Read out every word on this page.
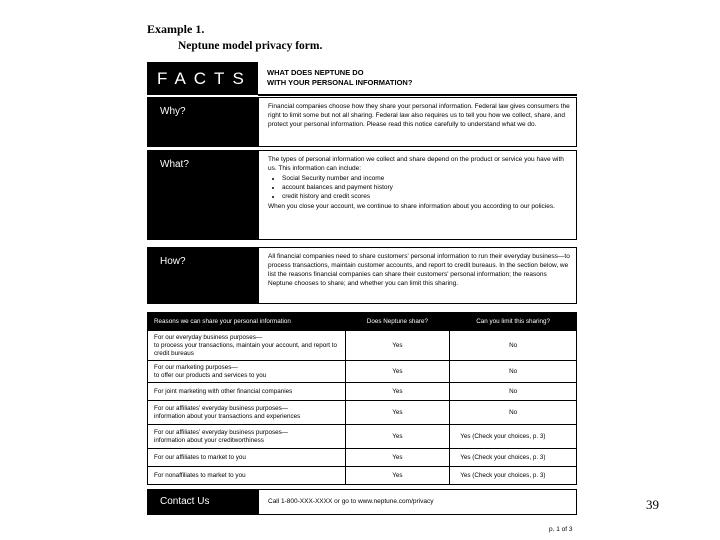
Example 1.
Neptune model privacy form.
FACTS	WHAT DOES NEPTUNE DO
WITH YOUR PERSONAL INFORMATION?
Why?	Financial companies choose how they share your personal information. Federal law gives consumers the right to limit some but not all sharing. Federal law also requires us to tell you how we collect, share, and protect your personal information. Please read this notice carefully to understand what we do.
What?	The types of personal information we collect and share depend on the product or service you have with us. This information can include:
• Social Security number and income
• account balances and payment history
• credit history and credit scores
When you close your account, we continue to share information about you according to our policies.
How?	All financial companies need to share customers' personal information to run their everyday business—to process transactions, maintain customer accounts, and report to credit bureaus. In the section below, we list the reasons financial companies can share their customers' personal information; the reasons Neptune chooses to share; and whether you can limit this sharing.
Reasons we can share your personal information	Does Neptune share?	Can you limit this sharing?
For our everyday business purposes—
to process your transactions, maintain your account, and report to credit bureaus	Yes	No
For our marketing purposes—
to offer our products and services to you	Yes	No
For joint marketing with other financial companies	Yes	No
For our affiliates' everyday business purposes—
information about your transactions and experiences	Yes	No
For our affiliates' everyday business purposes—
information about your creditworthiness	Yes	Yes (Check your choices, p. 3)
For our affiliates to market to you	Yes	Yes (Check your choices, p. 3)
For nonaffiliates to market to you	Yes	Yes (Check your choices, p. 3)
Contact Us	Call 1-800-XXX-XXXX or go to www.neptune.com/privacy	39
p. 1 of 3
